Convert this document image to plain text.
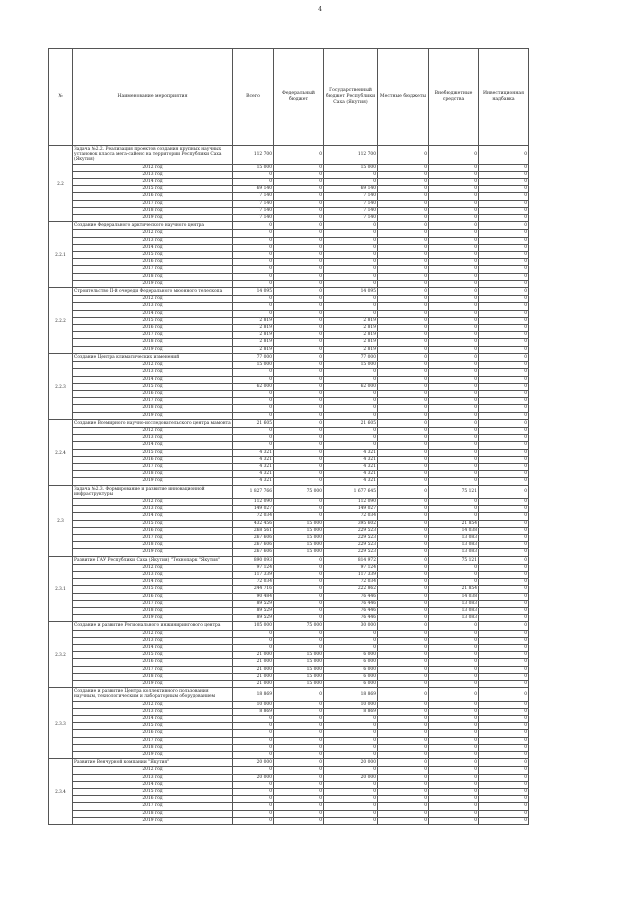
4
№	Наименование мероприятия	Всего	Федеральный бюджет	Государственный бюджет Республики Саха (Якутия)	Местные бюджеты	Внебюджетные средства	Инвестиционная надбавка
2.2	Задача №2.2. Реализация проектов создания крупных научных установок класса мега-сайенс на территории Республики Саха (Якутия)	112 700	0	112 700	0	0	0
	2012 год	15 000	0	15 000	0	0	0
	2013 год	0	0	0	0	0	0
	2014 год	0	0	0	0	0	0
	2015 год	69 140	0	69 140	0	0	0
	2016 год	7 140	0	7 140	0	0	0
	2017 год	7 140	0	7 140	0	0	0
	2018 год	7 140	0	7 140	0	0	0
	2019 год	7 140	0	7 140	0	0	0
2.2.1	Создание Федерального арктического научного центра	0	0	0	0	0	0
	2012 год	0	0	0	0	0	0
	2013 год	0	0	0	0	0	0
	2014 год	0	0	0	0	0	0
	2015 год	0	0	0	0	0	0
	2016 год	0	0	0	0	0	0
	2017 год	0	0	0	0	0	0
	2018 год	0	0	0	0	0	0
	2019 год	0	0	0	0	0	0
2.2.2	Строительство II-й очереди Федерального мюонного телескопа	14 095	0	14 095	0	0	0
	2012 год	0	0	0	0	0	0
	2013 год	0	0	0	0	0	0
	2014 год	0	0	0	0	0	0
	2015 год	2 819	0	2 819	0	0	0
	2016 год	2 819	0	2 819	0	0	0
	2017 год	2 819	0	2 819	0	0	0
	2018 год	2 819	0	2 819	0	0	0
	2019 год	2 819	0	2 819	0	0	0
2.2.3	Создание Центра климатических изменений	77 000	0	77 000	0	0	0
	2012 год	15 000	0	15 000	0	0	0
	2013 год	0	0	0	0	0	0
	2014 год	0	0	0	0	0	0
	2015 год	62 000	0	62 000	0	0	0
	2016 год	0	0	0	0	0	0
	2017 год	0	0	0	0	0	0
	2018 год	0	0	0	0	0	0
	2019 год	0	0	0	0	0	0
2.2.4	Создание Всемирного научно-исследовательского центра мамонта	21 605	0	21 605	0	0	0
	2012 год	0	0	0	0	0	0
	2013 год	0	0	0	0	0	0
	2014 год	0	0	0	0	0	0
	2015 год	4 321	0	4 321	0	0	0
	2016 год	4 321	0	4 321	0	0	0
	2017 год	4 321	0	4 321	0	0	0
	2018 год	4 321	0	4 321	0	0	0
	2019 год	4 321	0	4 321	0	0	0
2.3	Задача №2.3. Формирование и развитие инновационной инфраструктуры	1 827 766	75 000	1 677 645	0	75 121	0
	2012 год	112 090	0	112 090	0	0	0
	2013 год	149 027	0	149 027	0	0	0
	2014 год	72 034	0	72 034	0	0	0
	2015 год	432 456	15 000	395 602	0	21 854	0
	2016 год	268 561	15 000	229 523	0	14 038	0
	2017 год	267 606	15 000	229 523	0	13 083	0
	2018 год	267 606	15 000	229 523	0	13 083	0
	2019 год	267 606	15 000	229 523	0	13 083	0
2.3.1	Развитие ГАУ Республики Саха (Якутия) "Технопарк "Якутия"	890 093	0	814 972	0	75 121	0
	2012 год	97 124	0	97 124	0	0	0
	2013 год	117 339	0	117 339	0	0	0
	2014 год	72 034	0	72 034	0	0	0
	2015 год	244 716	0	222 862	0	21 854	0
	2016 год	90 484	0	76 446	0	14 038	0
	2017 год	89 529	0	76 446	0	13 083	0
	2018 год	89 529	0	76 446	0	13 083	0
	2019 год	89 529	0	76 446	0	13 083	0
2.3.2	Создание и развитие Регионального инжинирингового центра	105 000	75 000	30 000	0	0	0
	2012 год	0	0	0	0	0	0
	2013 год	0	0	0	0	0	0
	2014 год	0	0	0	0	0	0
	2015 год	21 000	15 000	6 000	0	0	0
	2016 год	21 000	15 000	6 000	0	0	0
	2017 год	21 000	15 000	6 000	0	0	0
	2018 год	21 000	15 000	6 000	0	0	0
	2019 год	21 000	15 000	6 000	0	0	0
2.3.3	Создание и развитие Центра коллективного пользования научным, технологическим и лабораторным оборудованием	18 869	0	18 869	0	0	0
	2012 год	10 000	0	10 000	0	0	0
	2013 год	8 869	0	8 869	0	0	0
	2014 год	0	0	0	0	0	0
	2015 год	0	0	0	0	0	0
	2016 год	0	0	0	0	0	0
	2017 год	0	0	0	0	0	0
	2018 год	0	0	0	0	0	0
	2019 год	0	0	0	0	0	0
2.3.4	Развитие Венчурной компании "Якутия"	20 000	0	20 000	0	0	0
	2012 год	0	0	0	0	0	0
	2013 год	20 000	0	20 000	0	0	0
	2014 год	0	0	0	0	0	0
	2015 год	0	0	0	0	0	0
	2016 год	0	0	0	0	0	0
	2017 год	0	0	0	0	0	0
	2018 год	0	0	0	0	0	0
	2019 год	0	0	0	0	0	0
